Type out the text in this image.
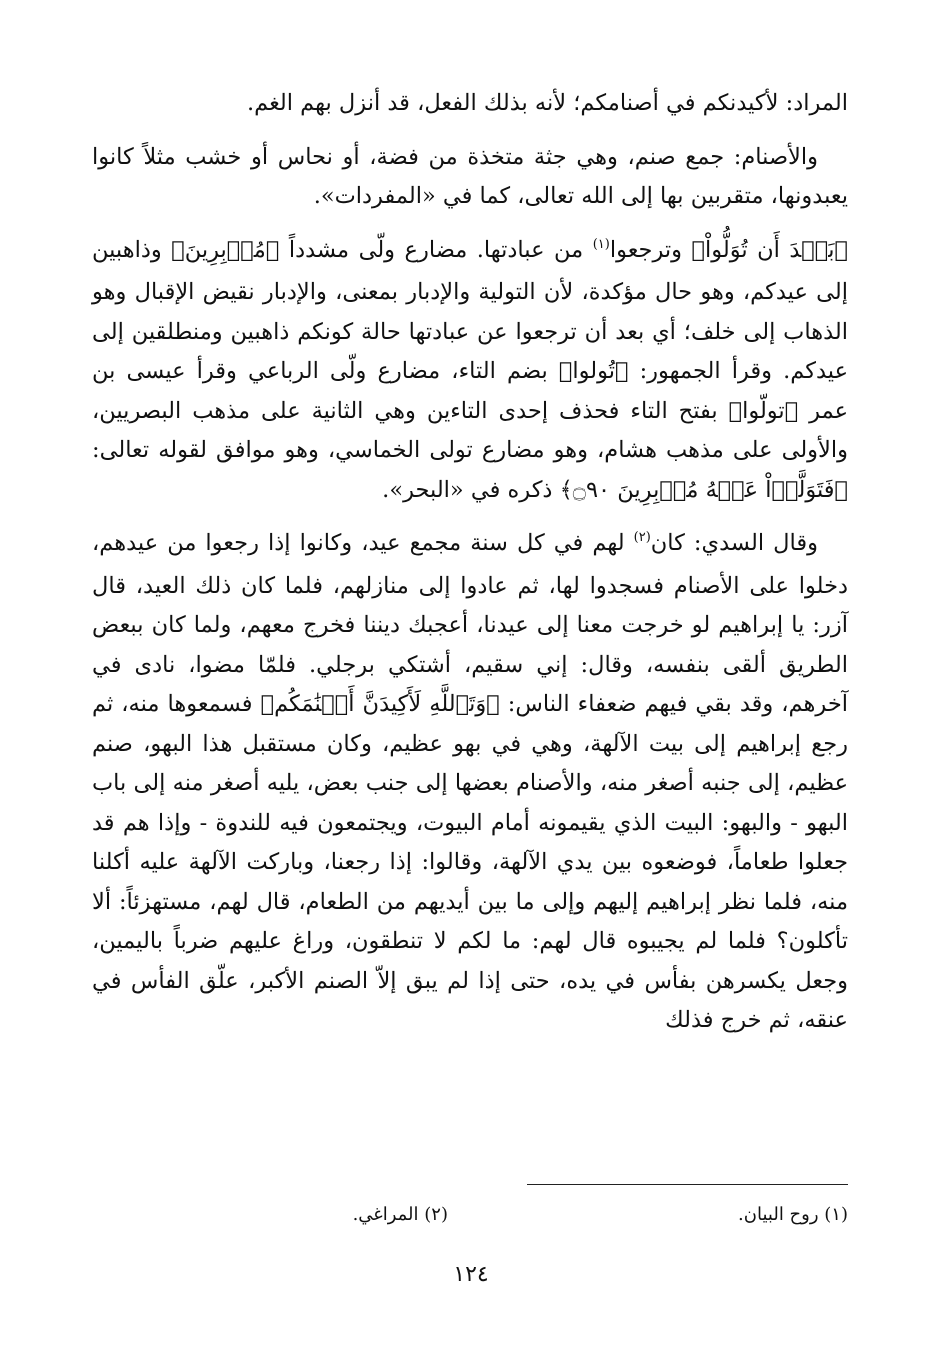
المراد: لأكيدنكم في أصنامكم؛ لأنه بذلك الفعل، قد أنزل بهم الغم.

والأصنام: جمع صنم، وهي جثة متخذة من فضة، أو نحاس أو خشب مثلاً كانوا يعبدونها، متقربين بها إلى الله تعالى، كما في «المفردات».

﴿بَعۡدَ أَن تُوَلُّواْ﴾ وترجعوا$^{(١)}$ من عبادتها. مضارع ولّى مشدداً ﴿مُدۡبِرِينَ﴾ وذاهبين إلى عيدكم، وهو حال مؤكدة، لأن التولية والإدبار بمعنى، والإدبار نقيض الإقبال وهو الذهاب إلى خلف؛ أي بعد أن ترجعوا عن عبادتها حالة كونكم ذاهبين ومنطلقين إلى عيدكم. وقرأ الجمهور: ﴿تُولوا﴾ بضم التاء، مضارع ولّى الرباعي وقرأ عيسى بن عمر ﴿تولّوا﴾ بفتح التاء فحذف إحدى التاءين وهي الثانية على مذهب البصريين، والأولى على مذهب هشام، وهو مضارع تولى الخماسي، وهو موافق لقوله تعالى: ﴿فَتَوَلَّوۡاْ عَنۡهُ مُدۡبِرِينَ ۝٩٠﴾ ذكره في «البحر».

وقال السدي: كان$^{(٢)}$ لهم في كل سنة مجمع عيد، وكانوا إذا رجعوا من عيدهم، دخلوا على الأصنام فسجدوا لها، ثم عادوا إلى منازلهم، فلما كان ذلك العيد، قال آزر: يا إبراهيم لو خرجت معنا إلى عيدنا، أعجبك ديننا فخرج معهم، ولما كان ببعض الطريق ألقى بنفسه، وقال: إني سقيم، أشتكي برجلي. فلمّا مضوا، نادى في آخرهم، وقد بقي فيهم ضعفاء الناس: ﴿وَتَٱللَّهِ لَأَكِيدَنَّ أَصۡنَٰمَكُم﴾ فسمعوها منه، ثم رجع إبراهيم إلى بيت الآلهة، وهي في بهو عظيم، وكان مستقبل هذا البهو، صنم عظيم، إلى جنبه أصغر منه، والأصنام بعضها إلى جنب بعض، يليه أصغر منه إلى باب البهو - والبهو: البيت الذي يقيمونه أمام البيوت، ويجتمعون فيه للندوة - وإذا هم قد جعلوا طعاماً، فوضعوه بين يدي الآلهة، وقالوا: إذا رجعنا، وباركت الآلهة عليه أكلنا منه، فلما نظر إبراهيم إليهم وإلى ما بين أيديهم من الطعام، قال لهم، مستهزئاً: ألا تأكلون؟ فلما لم يجيبوه قال لهم: ما لكم لا تنطقون، وراغ عليهم ضرباً باليمين، وجعل يكسرهن بفأس في يده، حتى إذا لم يبق إلاّ الصنم الأكبر، علّق الفأس في عنقه، ثم خرج فذلك

(١) روح البيان.
(٢) المراغي.
١٢٤
